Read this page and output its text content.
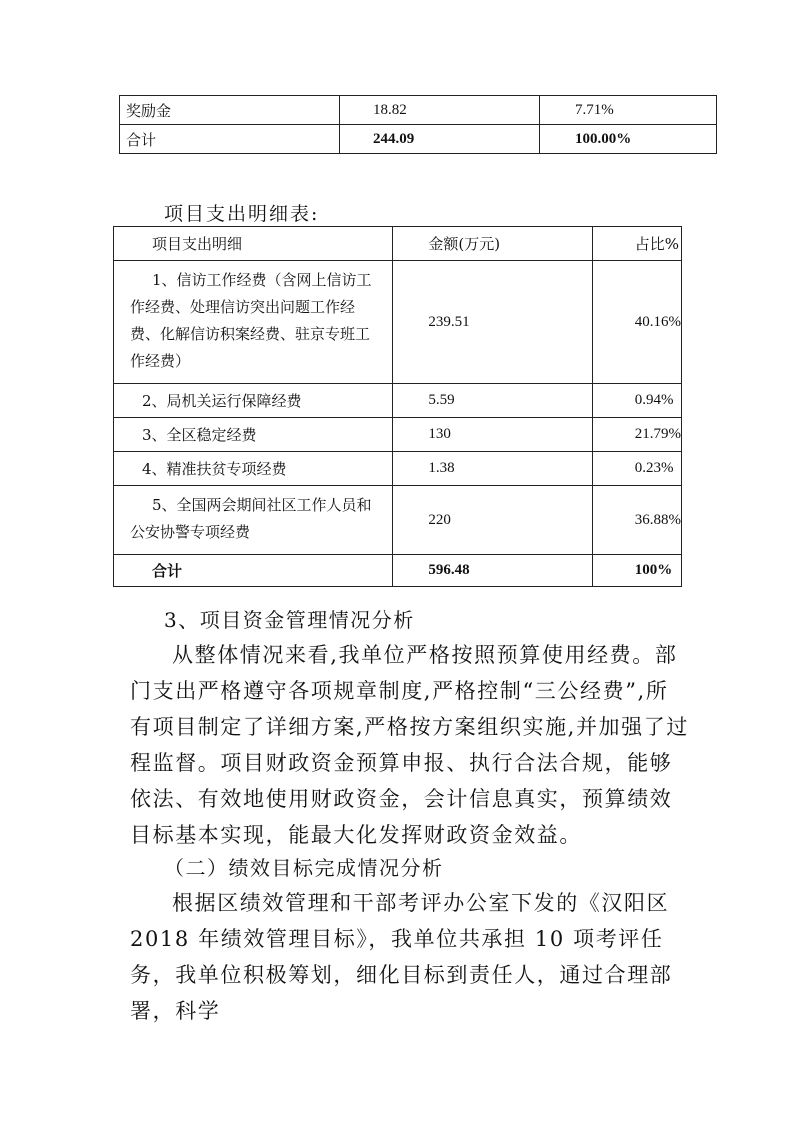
奖励金	18.82	7.71%
合计	244.09	100.00%
项目支出明细表:
项目支出明细	金额(万元)	占比%

1、信访工作经费（含网上信访工作经费、处理信访突出问题工作经费、化解信访积案经费、驻京专班工作经费）	239.51	40.16%

2、局机关运行保障经费	5.59	0.94%

3、全区稳定经费	130	21.79%

4、精准扶贫专项经费	1.38	0.23%

5、全国两会期间社区工作人员和公安协警专项经费	220	36.88%
合计	596.48	100%
3、项目资金管理情况分析
从整体情况来看,我单位严格按照预算使用经费。部门支出严格遵守各项规章制度,严格控制“三公经费”,所有项目制定了详细方案,严格按方案组织实施,并加强了过程监督。项目财政资金预算申报、执行合法合规，能够依法、有效地使用财政资金，会计信息真实，预算绩效目标基本实现，能最大化发挥财政资金效益。
（二）绩效目标完成情况分析
根据区绩效管理和干部考评办公室下发的《汉阳区2018 年绩效管理目标》，我单位共承担 10 项考评任务，我单位积极筹划，细化目标到责任人，通过合理部署，科学
